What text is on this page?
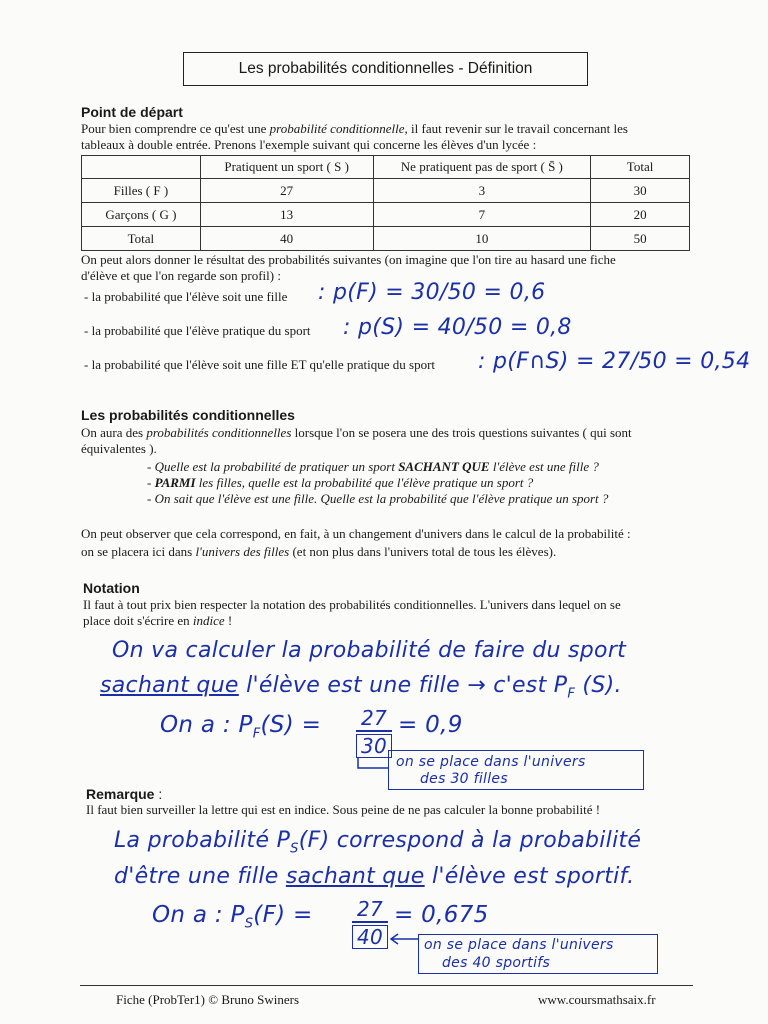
Les probabilités conditionnelles - Définition
Point de départ
Pour bien comprendre ce qu'est une probabilité conditionnelle, il faut revenir sur le travail concernant les
tableaux à double entrée. Prenons l'exemple suivant qui concerne les élèves d'un lycée :
	Pratiquent un sport ( S )	Ne pratiquent pas de sport ( S̄ )	Total
Filles ( F )	27	3	30
Garçons ( G )	13	7	20
Total	40	10	50
On peut alors donner le résultat des probabilités suivantes (on imagine que l'on tire au hasard une fiche
d'élève et que l'on regarde son profil) :
- la probabilité que l'élève soit une fille : p(F) = 30/50 = 0,6
- la probabilité que l'élève pratique du sport : p(S) = 40/50 = 0,8
- la probabilité que l'élève soit une fille ET qu'elle pratique du sport : p(F∩S) = 27/50 = 0,54
Les probabilités conditionnelles
On aura des probabilités conditionnelles lorsque l'on se posera une des trois questions suivantes ( qui sont
équivalentes ).
- Quelle est la probabilité de pratiquer un sport SACHANT QUE l'élève est une fille ?
- PARMI les filles, quelle est la probabilité que l'élève pratique un sport ?
- On sait que l'élève est une fille. Quelle est la probabilité que l'élève pratique un sport ?
On peut observer que cela correspond, en fait, à un changement d'univers dans le calcul de la probabilité :
on se placera ici dans l'univers des filles (et non plus dans l'univers total de tous les élèves).
Notation
Il faut à tout prix bien respecter la notation des probabilités conditionnelles. L'univers dans lequel on se
place doit s'écrire en indice !
On va calculer la probabilité de faire du sport
sachant que l'élève est une fille → c'est $P_F$ (S).
On a : $P_F(S) = 27$
30
= 0,9
on se place dans l'univers
des 30 filles
Remarque :
Il faut bien surveiller la lettre qui est en indice. Sous peine de ne pas calculer la bonne probabilité !
La probabilité $P_S(F)$ correspond à la probabilité
d'être une fille sachant que l'élève est sportif.
On a : $P_S(F) = 27$
40
= 0,675
on se place dans l'univers
des 40 sportifs
Fiche (ProbTer1) © Bruno Swiners	www.coursmathsaix.fr
